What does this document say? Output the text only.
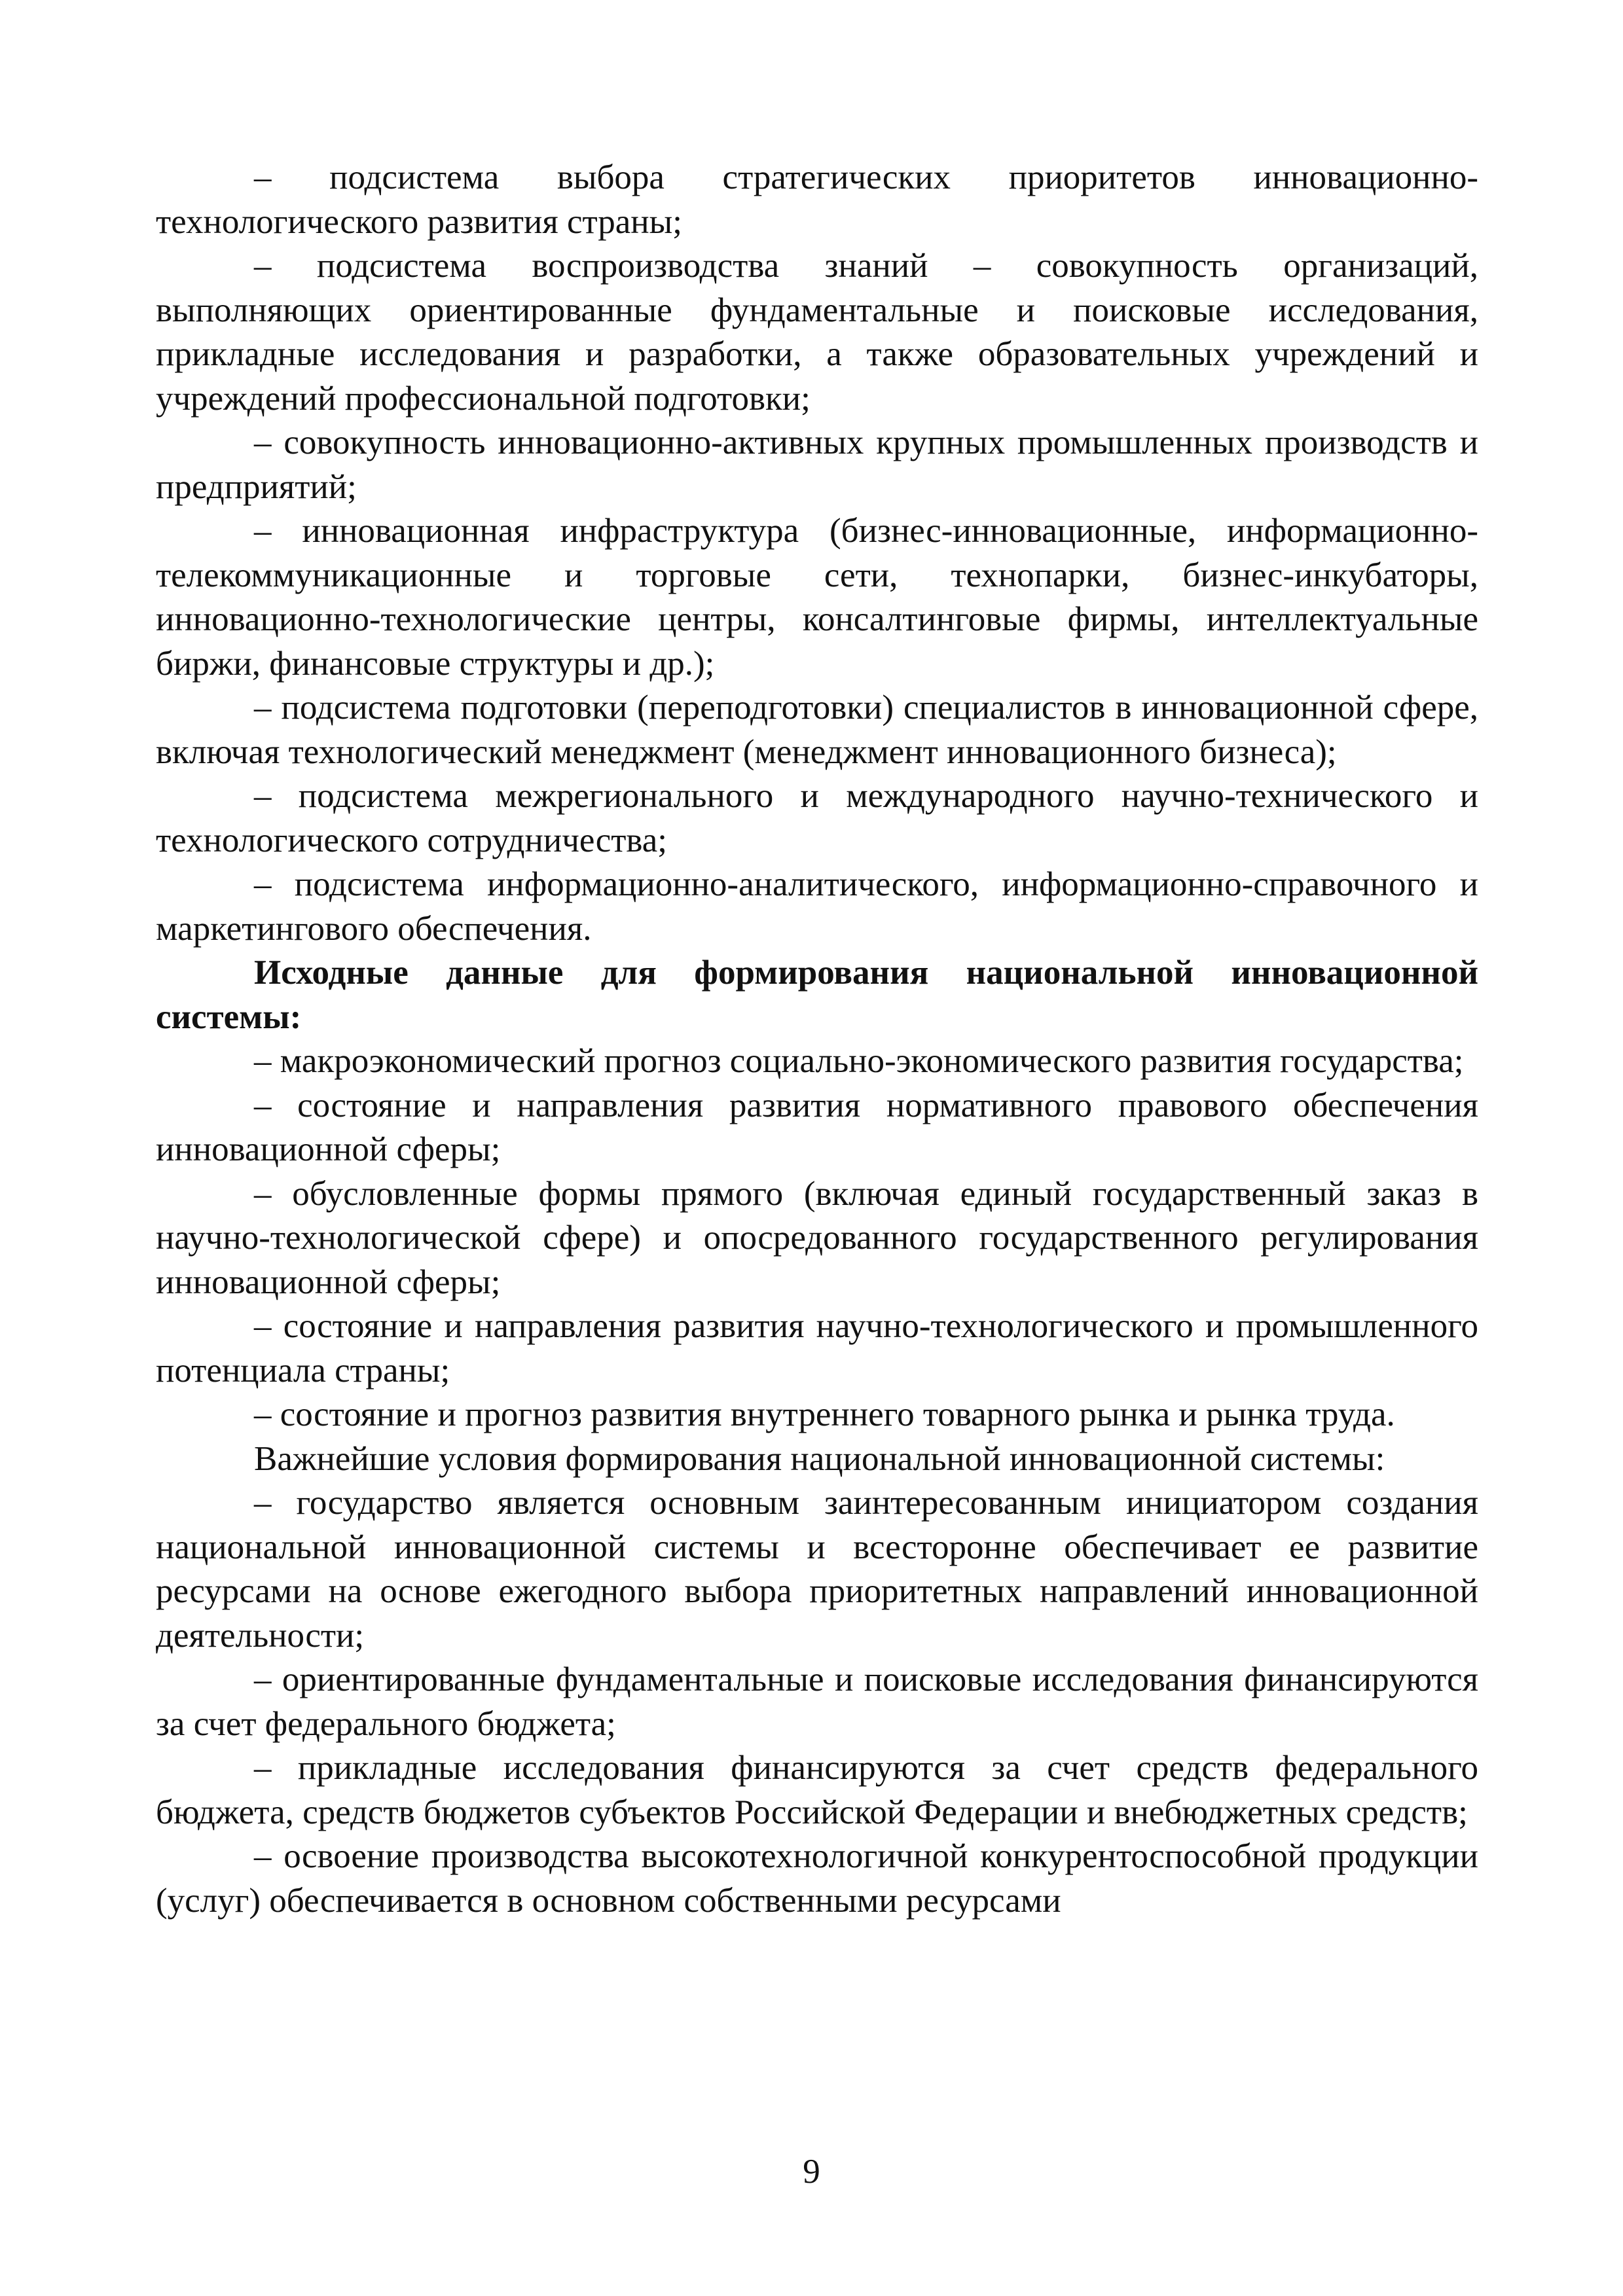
– подсистема выбора стратегических приоритетов инновационно-технологического развития страны;

– подсистема воспроизводства знаний – совокупность организаций, выполняющих ориентированные фундаментальные и поисковые исследования, прикладные исследования и разработки, а также образовательных учреждений и учреждений профессиональной подготовки;

– совокупность инновационно-активных крупных промышленных производств и предприятий;

– инновационная инфраструктура (бизнес-инновационные, информационно-телекоммуникационные и торговые сети, технопарки, бизнес-инкубаторы, инновационно-технологические центры, консалтинговые фирмы, интеллектуальные биржи, финансовые структуры и др.);

– подсистема подготовки (переподготовки) специалистов в инновационной сфере, включая технологический менеджмент (менеджмент инновационного бизнеса);

– подсистема межрегионального и международного научно-технического и технологического сотрудничества;

– подсистема информационно-аналитического, информационно-справочного и маркетингового обеспечения.

Исходные данные для формирования национальной инновационной системы:

– макроэкономический прогноз социально-экономического развития государства;

– состояние и направления развития нормативного правового обеспечения инновационной сферы;

– обусловленные формы прямого (включая единый государственный заказ в научно-технологической сфере) и опосредованного государственного регулирования инновационной сферы;

– состояние и направления развития научно-технологического и промышленного потенциала страны;

– состояние и прогноз развития внутреннего товарного рынка и рынка труда.

Важнейшие условия формирования национальной инновационной системы:

– государство является основным заинтересованным инициатором создания национальной инновационной системы и всесторонне обеспечивает ее развитие ресурсами на основе ежегодного выбора приоритетных направлений инновационной деятельности;

– ориентированные фундаментальные и поисковые исследования финансируются за счет федерального бюджета;

– прикладные исследования финансируются за счет средств федерального бюджета, средств бюджетов субъектов Российской Федерации и внебюджетных средств;

– освоение производства высокотехнологичной конкурентоспособной продукции (услуг) обеспечивается в основном собственными ресурсами

9
